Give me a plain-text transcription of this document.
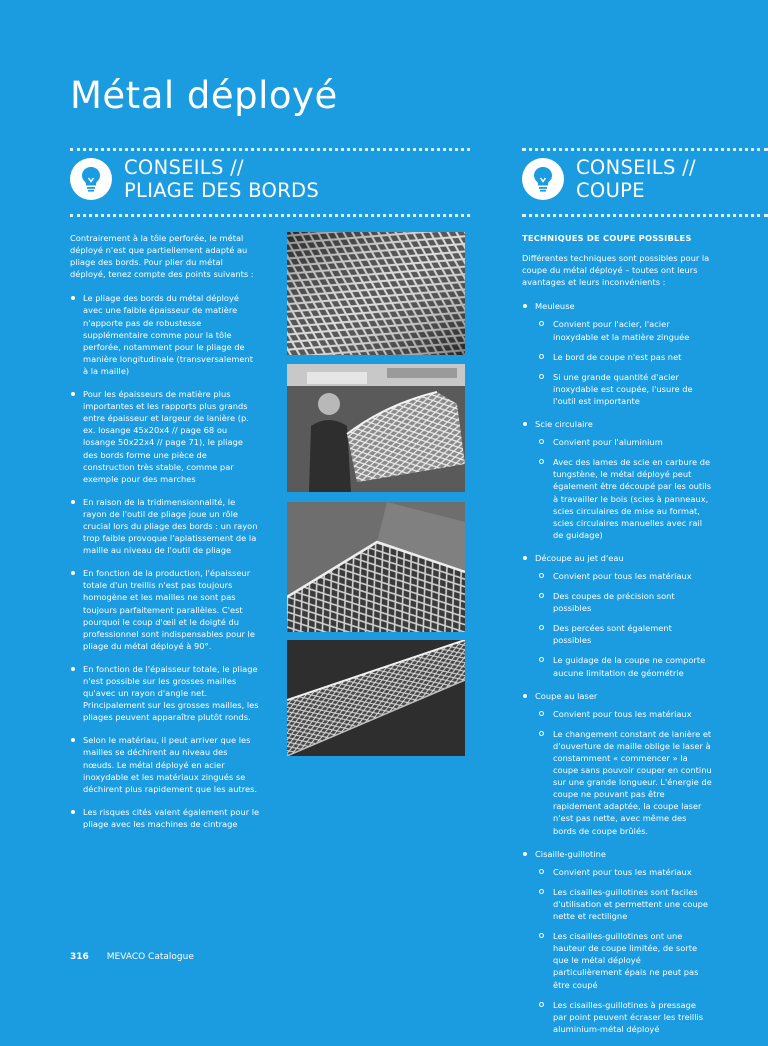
Métal déployé
CONSEILS //
PLIAGE DES BORDS
CONSEILS //
COUPE

Contrairement à la tôle perforée, le métal déployé n'est que partiellement adapté au pliage des bords. Pour plier du métal déployé, tenez compte des points suivants :

Le pliage des bords du métal déployé avec une faible épaisseur de matière n'apporte pas de robustesse supplémentaire comme pour la tôle perforée, notamment pour le pliage de manière longitudinale (transversalement à la maille)
Pour les épaisseurs de matière plus importantes et les rapports plus grands entre épaisseur et largeur de lanière (p. ex. losange 45x20x4 // page 68 ou losange 50x22x4 // page 71), le pliage des bords forme une pièce de construction très stable, comme par exemple pour des marches
En raison de la tridimensionnalité, le rayon de l'outil de pliage joue un rôle crucial lors du pliage des bords : un rayon trop faible provoque l'aplatissement de la maille au niveau de l'outil de pliage
En fonction de la production, l'épaisseur totale d'un treillis n'est pas toujours homogène et les mailles ne sont pas toujours parfaitement parallèles. C'est pourquoi le coup d'œil et le doigté du professionnel sont indispensables pour le pliage du métal déployé à 90°.
En fonction de l'épaisseur totale, le pliage n'est possible sur les grosses mailles qu'avec un rayon d'angle net. Principalement sur les grosses mailles, les pliages peuvent apparaître plutôt ronds.
Selon le matériau, il peut arriver que les mailles se déchirent au niveau des nœuds. Le métal déployé en acier inoxydable et les matériaux zingués se déchirent plus rapidement que les autres.
Les risques cités valent également pour le pliage avec les machines de cintrage
TECHNIQUES DE COUPE POSSIBLES

Différentes techniques sont possibles pour la coupe du métal déployé – toutes ont leurs avantages et leurs inconvénients :

Meuleuse
Convient pour l'acier, l'acier inoxydable et la matière zinguée
Le bord de coupe n'est pas net
Si une grande quantité d'acier inoxydable est coupée, l'usure de l'outil est importante
Scie circulaire
Convient pour l'aluminium
Avec des lames de scie en carbure de tungstène, le métal déployé peut également être découpé par les outils à travailler le bois (scies à panneaux, scies circulaires de mise au format, scies circulaires manuelles avec rail de guidage)
Découpe au jet d'eau
Convient pour tous les matériaux
Des coupes de précision sont possibles
Des percées sont également possibles
Le guidage de la coupe ne comporte aucune limitation de géométrie
Coupe au laser
Convient pour tous les matériaux
Le changement constant de lanière et d'ouverture de maille oblige le laser à constamment « commencer » la coupe sans pouvoir couper en continu sur une grande longueur. L'énergie de coupe ne pouvant pas être rapidement adaptée, la coupe laser n'est pas nette, avec même des bords de coupe brûlés.
Cisaille-guillotine
Convient pour tous les matériaux
Les cisailles-guillotines sont faciles d'utilisation et permettent une coupe nette et rectiligne
Les cisailles-guillotines ont une hauteur de coupe limitée, de sorte que le métal déployé particulièrement épais ne peut pas être coupé
Les cisailles-guillotines à pressage par point peuvent écraser les treillis aluminium-métal déployé
316 MEVACO Catalogue
